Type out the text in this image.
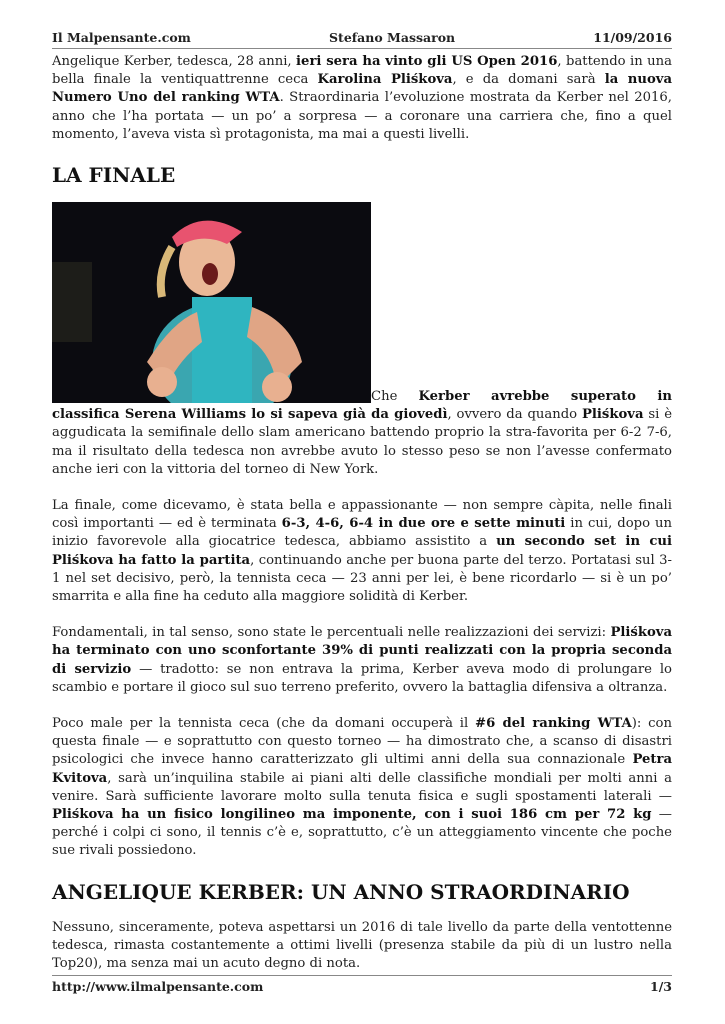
Il Malpensante.com	Stefano Massaron	11/09/2016

Angelique Kerber, tedesca, 28 anni, ieri sera ha vinto gli US Open 2016, battendo in una bella finale la ventiquattrenne ceca Karolina Pliśkova, e da domani sarà la nuova Numero Uno del ranking WTA. Straordinaria l’evoluzione mostrata da Kerber nel 2016, anno che l’ha portata — un po’ a sorpresa — a coronare una carriera che, fino a quel momento, l’aveva vista sì protagonista, ma mai a questi livelli.

LA FINALE

Che Kerber avrebbe superato in classifica Serena Williams lo si sapeva già da giovedì, ovvero da quando Pliśkova si è aggudicata la semifinale dello slam americano battendo proprio la stra-favorita per 6-2 7-6, ma il risultato della tedesca non avrebbe avuto lo stesso peso se non l’avesse confermato anche ieri con la vittoria del torneo di New York.

La finale, come dicevamo, è stata bella e appassionante — non sempre càpita, nelle finali così importanti — ed è terminata 6-3, 4-6, 6-4 in due ore e sette minuti in cui, dopo un inizio favorevole alla giocatrice tedesca, abbiamo assistito a un secondo set in cui Pliśkova ha fatto la partita, continuando anche per buona parte del terzo. Portatasi sul 3-1 nel set decisivo, però, la tennista ceca — 23 anni per lei, è bene ricordarlo — si è un po’ smarrita e alla fine ha ceduto alla maggiore solidità di Kerber.

Fondamentali, in tal senso, sono state le percentuali nelle realizzazioni dei servizi: Pliśkova ha terminato con uno sconfortante 39% di punti realizzati con la propria seconda di servizio — tradotto: se non entrava la prima, Kerber aveva modo di prolungare lo scambio e portare il gioco sul suo terreno preferito, ovvero la battaglia difensiva a oltranza.

Poco male per la tennista ceca (che da domani occuperà il #6 del ranking WTA): con questa finale — e soprattutto con questo torneo — ha dimostrato che, a scanso di disastri psicologici che invece hanno caratterizzato gli ultimi anni della sua connazionale Petra Kvitova, sarà un’inquilina stabile ai piani alti delle classifiche mondiali per molti anni a venire. Sarà sufficiente lavorare molto sulla tenuta fisica e sugli spostamenti laterali — Pliśkova ha un fisico longilineo ma imponente, con i suoi 186 cm per 72 kg — perché i colpi ci sono, il tennis c’è e, soprattutto, c’è un atteggiamento vincente che poche sue rivali possiedono.

ANGELIQUE KERBER: UN ANNO STRAORDINARIO

Nessuno, sinceramente, poteva aspettarsi un 2016 di tale livello da parte della ventottenne tedesca, rimasta costantemente a ottimi livelli (presenza stabile da più di un lustro nella Top20), ma senza mai un acuto degno di nota.

http://www.ilmalpensante.com	1/3
